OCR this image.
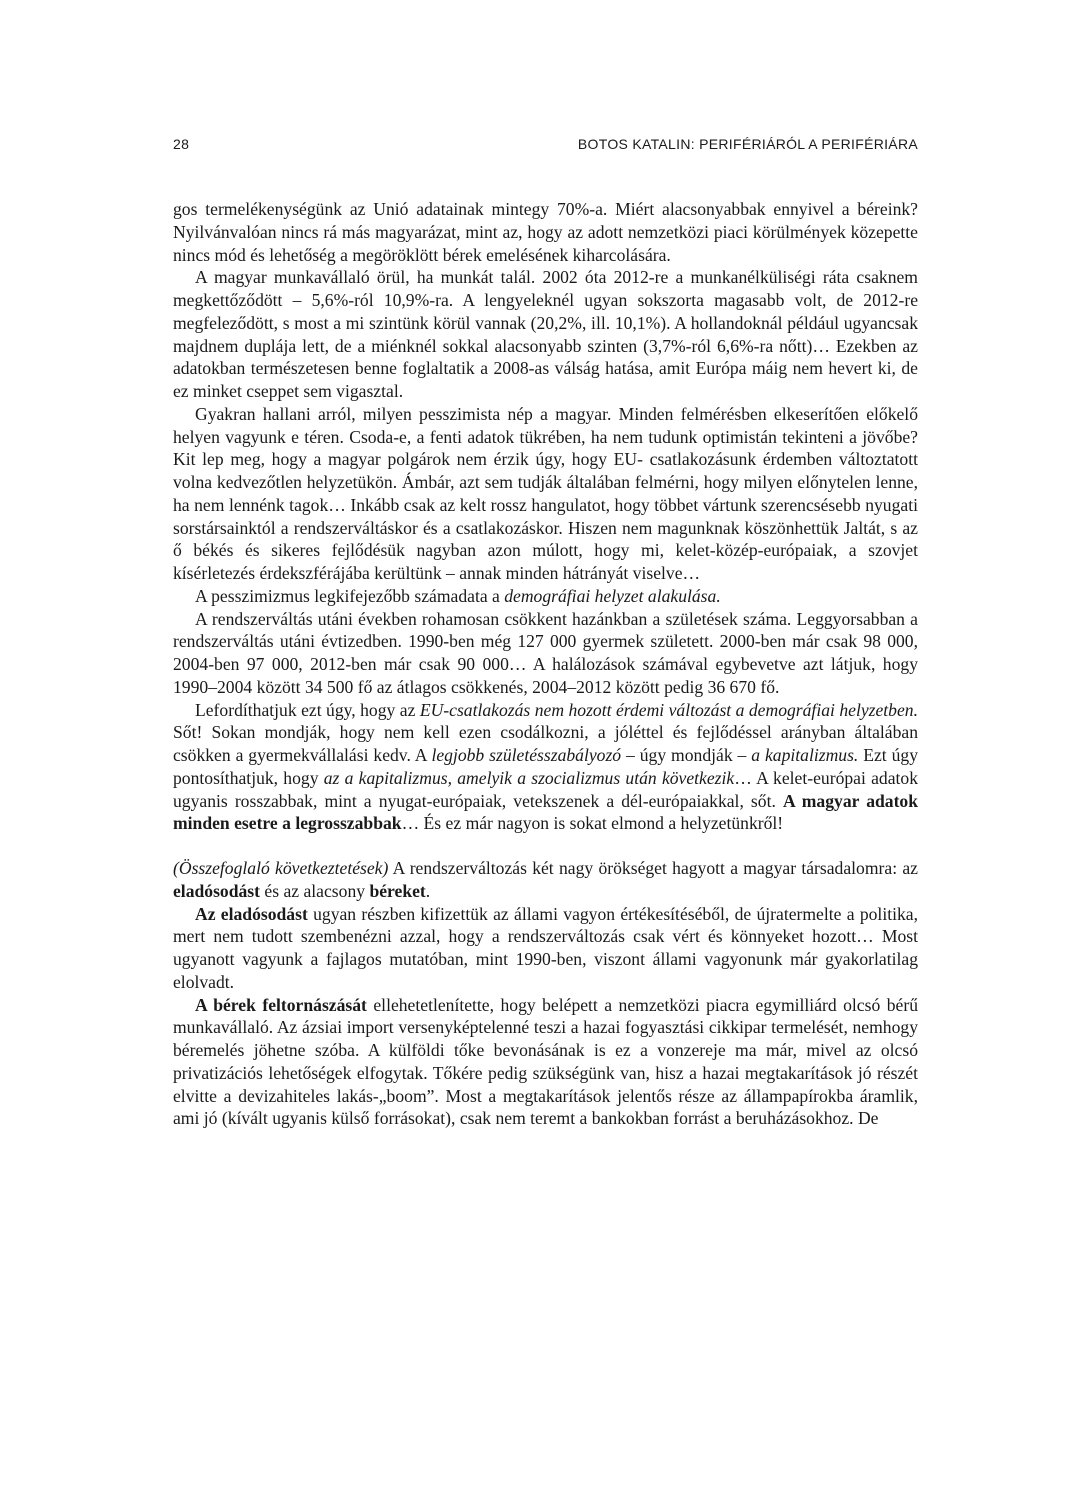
28	BOTOS KATALIN: PERIFÉRIÁRÓL A PERIFÉRIÁRA

gos termelékenységünk az Unió adatainak mintegy 70%-a. Miért alacsonyabbak ennyivel a béreink? Nyilvánvalóan nincs rá más magyarázat, mint az, hogy az adott nemzetközi piaci körülmények közepette nincs mód és lehetőség a megöröklött bérek emelésének kiharcolására.

A magyar munkavállaló örül, ha munkát talál. 2002 óta 2012-re a munkanélküliségi ráta csaknem megkettőződött – 5,6%-ról 10,9%-ra. A lengyeleknél ugyan sokszorta magasabb volt, de 2012-re megfeleződött, s most a mi szintünk körül vannak (20,2%, ill. 10,1%). A hollandoknál például ugyancsak majdnem duplája lett, de a miénknél sokkal alacsonyabb szinten (3,7%-ról 6,6%-ra nőtt)… Ezekben az adatokban természetesen benne foglaltatik a 2008-as válság hatása, amit Európa máig nem hevert ki, de ez minket cseppet sem vigasztal.

Gyakran hallani arról, milyen pesszimista nép a magyar. Minden felmérésben elkeserítően előkelő helyen vagyunk e téren. Csoda-e, a fenti adatok tükrében, ha nem tudunk optimistán tekinteni a jövőbe? Kit lep meg, hogy a magyar polgárok nem érzik úgy, hogy EU- csatlakozásunk érdemben változtatott volna kedvezőtlen helyzetükön. Ámbár, azt sem tudják általában felmérni, hogy milyen előnytelen lenne, ha nem lennénk tagok… Inkább csak az kelt rossz hangulatot, hogy többet vártunk szerencsésebb nyugati sorstársainktól a rendszerváltáskor és a csatlakozáskor. Hiszen nem magunknak köszönhettük Jaltát, s az ő békés és sikeres fejlődésük nagyban azon múlott, hogy mi, kelet-közép-európaiak, a szovjet kísérletezés érdekszférájába kerültünk – annak minden hátrányát viselve…

A pesszimizmus legkifejezőbb számadata a demográfiai helyzet alakulása.

A rendszerváltás utáni években rohamosan csökkent hazánkban a születések száma. Leggyorsabban a rendszerváltás utáni évtizedben. 1990-ben még 127 000 gyermek született. 2000-ben már csak 98 000, 2004-ben 97 000, 2012-ben már csak 90 000… A halálozások számával egybevetve azt látjuk, hogy 1990–2004 között 34 500 fő az átlagos csökkenés, 2004–2012 között pedig 36 670 fő.

Lefordíthatjuk ezt úgy, hogy az EU-csatlakozás nem hozott érdemi változást a demográfiai helyzetben. Sőt! Sokan mondják, hogy nem kell ezen csodálkozni, a jóléttel és fejlődéssel arányban általában csökken a gyermekvállalási kedv. A legjobb születésszabályozó – úgy mondják – a kapitalizmus. Ezt úgy pontosíthatjuk, hogy az a kapitalizmus, amelyik a szocializmus után következik… A kelet-európai adatok ugyanis rosszabbak, mint a nyugat-európaiak, vetekszenek a dél-európaiakkal, sőt. A magyar adatok minden esetre a legrosszabbak… És ez már nagyon is sokat elmond a helyzetünkről!

(Összefoglaló következtetések) A rendszerváltozás két nagy örökséget hagyott a magyar társadalomra: az eladósodást és az alacsony béreket.

Az eladósodást ugyan részben kifizettük az állami vagyon értékesítéséből, de újratermelte a politika, mert nem tudott szembenézni azzal, hogy a rendszerváltozás csak vért és könnyeket hozott… Most ugyanott vagyunk a fajlagos mutatóban, mint 1990-ben, viszont állami vagyonunk már gyakorlatilag elolvadt.

A bérek feltornászását ellehetetlenítette, hogy belépett a nemzetközi piacra egymilliárd olcsó bérű munkavállaló. Az ázsiai import versenyképtelenné teszi a hazai fogyasztási cikkipar termelését, nemhogy béremelés jöhetne szóba. A külföldi tőke bevonásának is ez a vonzereje ma már, mivel az olcsó privatizációs lehetőségek elfogytak. Tőkére pedig szükségünk van, hisz a hazai megtakarítások jó részét elvitte a devizahiteles lakás-„boom”. Most a megtakarítások jelentős része az állampapírokba áramlik, ami jó (kívált ugyanis külső forrásokat), csak nem teremt a bankokban forrást a beruházásokhoz. De
